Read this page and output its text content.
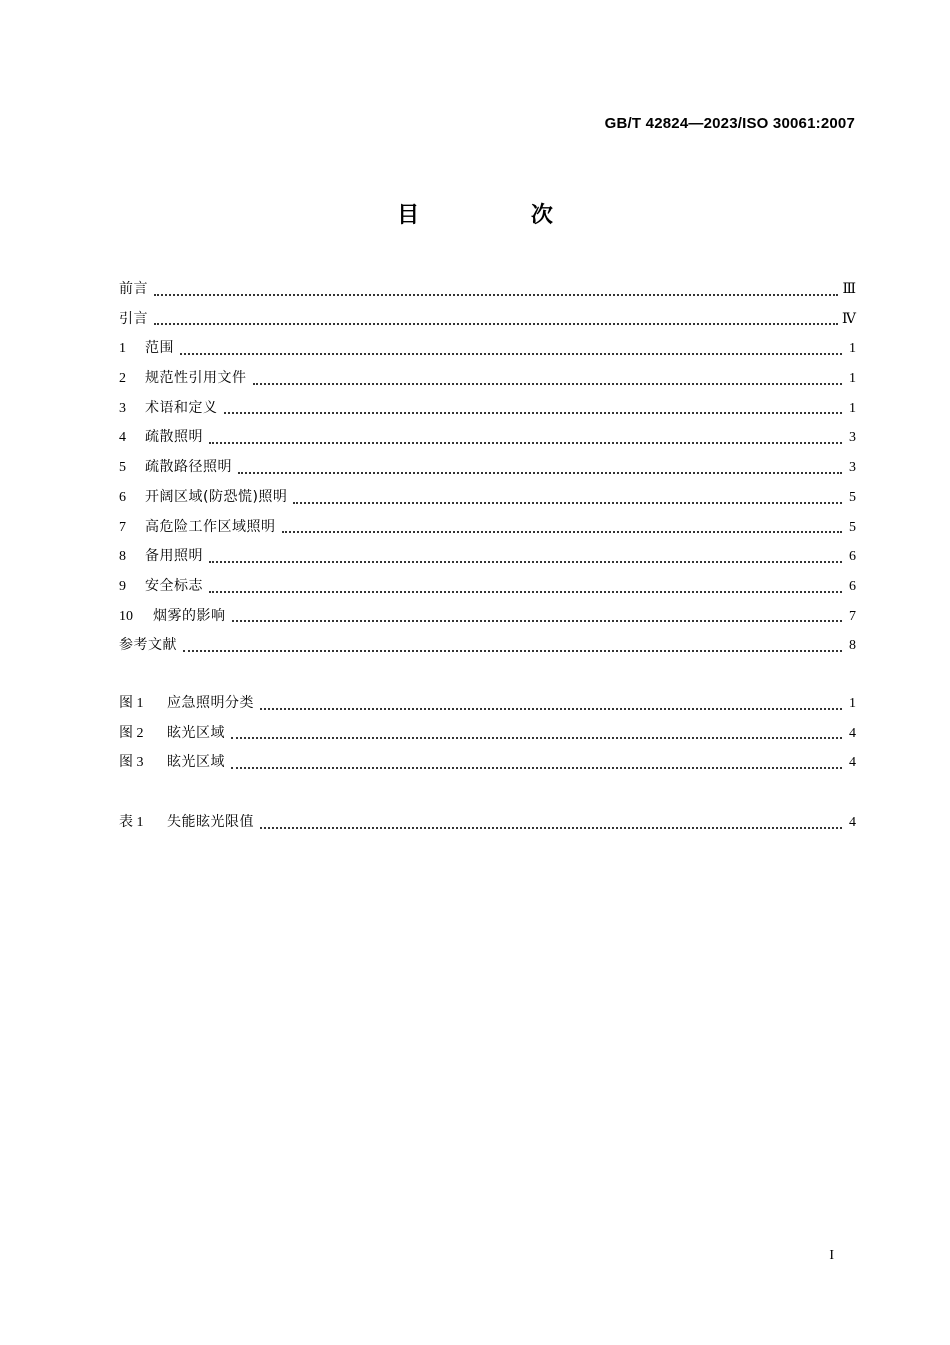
GB/T 42824—2023/ISO 30061:2007
目 次
前言	Ⅲ
引言	Ⅳ
1	范围	1
2	规范性引用文件	1
3	术语和定义	1
4	疏散照明	3
5	疏散路径照明	3
6	开阔区域(防恐慌)照明	5
7	高危险工作区域照明	5
8	备用照明	6
9	安全标志	6
10	烟雾的影响	7
参考文献	8
图 1	应急照明分类	1
图 2	眩光区域	4
图 3	眩光区域	4
表 1	失能眩光限值	4
I
